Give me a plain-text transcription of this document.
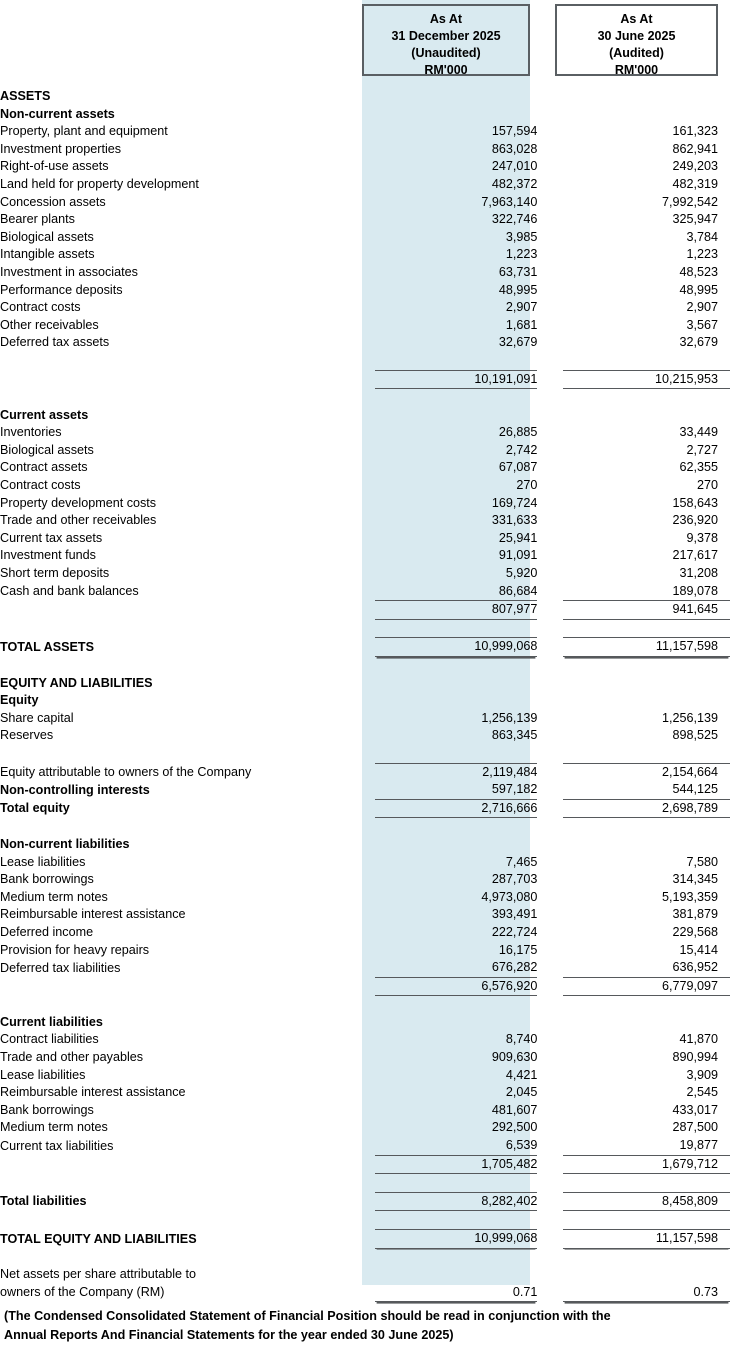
As At
31 December 2025
(Unaudited)
RM'000
As At
30 June 2025
(Audited)
RM'000
ASSETS				
Non-current assets				
Property, plant and equipment		157,594		161,323
Investment properties		863,028		862,941
Right-of-use assets		247,010		249,203
Land held for property development		482,372		482,319
Concession assets		7,963,140		7,992,542
Bearer plants		322,746		325,947
Biological assets		3,985		3,784
Intangible assets		1,223		1,223
Investment in associates		63,731		48,523
Performance deposits		48,995		48,995
Contract costs		2,907		2,907
Other receivables		1,681		3,567
Deferred tax assets		32,679		32,679

		10,191,091		10,215,953

Current assets				
Inventories		26,885		33,449
Biological assets		2,742		2,727
Contract assets		67,087		62,355
Contract costs		270		270
Property development costs		169,724		158,643
Trade and other receivables		331,633		236,920
Current tax assets		25,941		9,378
Investment funds		91,091		217,617
Short term deposits		5,920		31,208
Cash and bank balances		86,684		189,078
		807,977		941,645

TOTAL ASSETS		10,999,068		11,157,598

EQUITY AND LIABILITIES				
Equity				
Share capital		1,256,139		1,256,139
Reserves		863,345		898,525

Equity attributable to owners of the Company		2,119,484		2,154,664
Non-controlling interests		597,182		544,125
Total equity		2,716,666		2,698,789

Non-current liabilities				
Lease liabilities		7,465		7,580
Bank borrowings		287,703		314,345
Medium term notes		4,973,080		5,193,359
Reimbursable interest assistance		393,491		381,879
Deferred income		222,724		229,568
Provision for heavy repairs		16,175		15,414
Deferred tax liabilities		676,282		636,952
		6,576,920		6,779,097

Current liabilities				
Contract liabilities		8,740		41,870
Trade and other payables		909,630		890,994
Lease liabilities		4,421		3,909
Reimbursable interest assistance		2,045		2,545
Bank borrowings		481,607		433,017
Medium term notes		292,500		287,500
Current tax liabilities		6,539		19,877
		1,705,482		1,679,712

Total liabilities		8,282,402		8,458,809

TOTAL EQUITY AND LIABILITIES		10,999,068		11,157,598

Net assets per share attributable to				
owners of the Company (RM)		0.71		0.73
(The Condensed Consolidated Statement of Financial Position should be read in conjunction with the
Annual Reports And Financial Statements for the year ended 30 June 2025)
